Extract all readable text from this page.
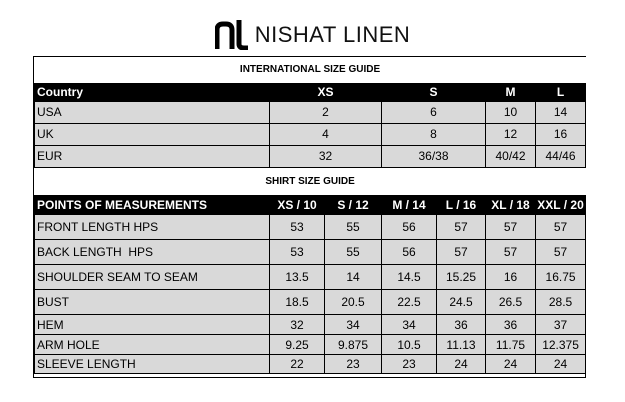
NISHAT LINEN
INTERNATIONAL SIZE GUIDE				
Country	XS	S	M	L
USA	2	6	10	14
UK	4	8	12	16
EUR	32	36/38	40/42	44/46
SHIRT SIZE GUIDE						
POINTS OF MEASUREMENTS	XS / 10	S / 12	M / 14	L / 16	XL / 18	XXL / 20
FRONT LENGTH HPS	53	55	56	57	57	57
BACK LENGTH  HPS	53	55	56	57	57	57
SHOULDER SEAM TO SEAM	13.5	14	14.5	15.25	16	16.75
BUST	18.5	20.5	22.5	24.5	26.5	28.5
HEM	32	34	34	36	36	37
ARM HOLE	9.25	9.875	10.5	11.13	11.75	12.375
SLEEVE LENGTH	22	23	23	24	24	24
